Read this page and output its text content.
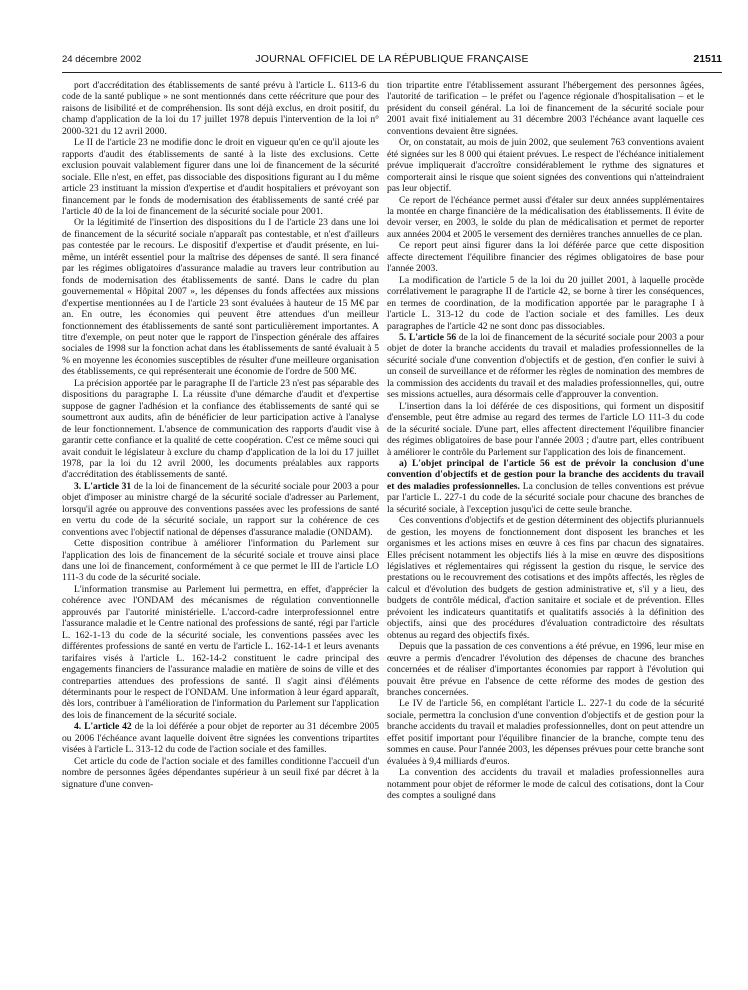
24 décembre 2002	JOURNAL OFFICIEL DE LA RÉPUBLIQUE FRANÇAISE	21511

port d'accréditation des établissements de santé prévu à l'article L. 6113-6 du code de la santé publique » ne sont mentionnés dans cette réécriture que pour des raisons de lisibilité et de compréhension. Ils sont déjà exclus, en droit positif, du champ d'application de la loi du 17 juillet 1978 depuis l'intervention de la loi n° 2000-321 du 12 avril 2000.

Le II de l'article 23 ne modifie donc le droit en vigueur qu'en ce qu'il ajoute les rapports d'audit des établissements de santé à la liste des exclusions. Cette exclusion pouvait valablement figurer dans une loi de financement de la sécurité sociale. Elle n'est, en effet, pas dissociable des dispositions figurant au I du même article 23 instituant la mission d'expertise et d'audit hospitaliers et prévoyant son financement par le fonds de modernisation des établissements de santé créé par l'article 40 de la loi de financement de la sécurité sociale pour 2001.

Or la légitimité de l'insertion des dispositions du I de l'article 23 dans une loi de financement de la sécurité sociale n'apparaît pas contestable, et n'est d'ailleurs pas contestée par le recours. Le dispositif d'expertise et d'audit présente, en lui-même, un intérêt essentiel pour la maîtrise des dépenses de santé. Il sera financé par les régimes obligatoires d'assurance maladie au travers leur contribution au fonds de modernisation des établissements de santé. Dans le cadre du plan gouvernemental « Hôpital 2007 », les dépenses du fonds affectées aux missions d'expertise mentionnées au I de l'article 23 sont évaluées à hauteur de 15 M€ par an. En outre, les économies qui peuvent être attendues d'un meilleur fonctionnement des établissements de santé sont particulièrement importantes. A titre d'exemple, on peut noter que le rapport de l'inspection générale des affaires sociales de 1998 sur la fonction achat dans les établissements de santé évaluait à 5 % en moyenne les économies susceptibles de résulter d'une meilleure organisation des établissements, ce qui représenterait une économie de l'ordre de 500 M€.

La précision apportée par le paragraphe II de l'article 23 n'est pas séparable des dispositions du paragraphe I. La réussite d'une démarche d'audit et d'expertise suppose de gagner l'adhésion et la confiance des établissements de santé qui se soumettront aux audits, afin de bénéficier de leur participation active à l'analyse de leur fonctionnement. L'absence de communication des rapports d'audit vise à garantir cette confiance et la qualité de cette coopération. C'est ce même souci qui avait conduit le législateur à exclure du champ d'application de la loi du 17 juillet 1978, par la loi du 12 avril 2000, les documents préalables aux rapports d'accréditation des établissements de santé.

3. L'article 31 de la loi de financement de la sécurité sociale pour 2003 a pour objet d'imposer au ministre chargé de la sécurité sociale d'adresser au Parlement, lorsqu'il agrée ou approuve des conventions passées avec les professions de santé en vertu du code de la sécurité sociale, un rapport sur la cohérence de ces conventions avec l'objectif national de dépenses d'assurance maladie (ONDAM).

Cette disposition contribue à améliorer l'information du Parlement sur l'application des lois de financement de la sécurité sociale et trouve ainsi place dans une loi de financement, conformément à ce que permet le III de l'article LO 111-3 du code de la sécurité sociale.

L'information transmise au Parlement lui permettra, en effet, d'apprécier la cohérence avec l'ONDAM des mécanismes de régulation conventionnelle approuvés par l'autorité ministérielle. L'accord-cadre interprofessionnel entre l'assurance maladie et le Centre national des professions de santé, régi par l'article L. 162-1-13 du code de la sécurité sociale, les conventions passées avec les différentes professions de santé en vertu de l'article L. 162-14-1 et leurs avenants tarifaires visés à l'article L. 162-14-2 constituent le cadre principal des engagements financiers de l'assurance maladie en matière de soins de ville et des contreparties attendues des professions de santé. Il s'agit ainsi d'éléments déterminants pour le respect de l'ONDAM. Une information à leur égard apparaît, dès lors, contribuer à l'amélioration de l'information du Parlement sur l'application des lois de financement de la sécurité sociale.

4. L'article 42 de la loi déférée a pour objet de reporter au 31 décembre 2005 ou 2006 l'échéance avant laquelle doivent être signées les conventions tripartites visées à l'article L. 313-12 du code de l'action sociale et des familles.

Cet article du code de l'action sociale et des familles conditionne l'accueil d'un nombre de personnes âgées dépendantes supérieur à un seuil fixé par décret à la signature d'une conven-

tion tripartite entre l'établissement assurant l'hébergement des personnes âgées, l'autorité de tarification – le préfet ou l'agence régionale d'hospitalisation – et le président du conseil général. La loi de financement de la sécurité sociale pour 2001 avait fixé initialement au 31 décembre 2003 l'échéance avant laquelle ces conventions devaient être signées.

Or, on constatait, au mois de juin 2002, que seulement 763 conventions avaient été signées sur les 8 000 qui étaient prévues. Le respect de l'échéance initialement prévue impliquerait d'accroître considérablement le rythme des signatures et comporterait ainsi le risque que soient signées des conventions qui n'atteindraient pas leur objectif.

Ce report de l'échéance permet aussi d'étaler sur deux années supplémentaires la montée en charge financière de la médicalisation des établissements. Il évite de devoir verser, en 2003, le solde du plan de médicalisation et permet de reporter aux années 2004 et 2005 le versement des dernières tranches annuelles de ce plan.

Ce report peut ainsi figurer dans la loi déférée parce que cette disposition affecte directement l'équilibre financier des régimes obligatoires de base pour l'année 2003.

La modification de l'article 5 de la loi du 20 juillet 2001, à laquelle procède corrélativement le paragraphe II de l'article 42, se borne à tirer les conséquences, en termes de coordination, de la modification apportée par le paragraphe I à l'article L. 313-12 du code de l'action sociale et des familles. Les deux paragraphes de l'article 42 ne sont donc pas dissociables.

5. L'article 56 de la loi de financement de la sécurité sociale pour 2003 a pour objet de doter la branche accidents du travail et maladies professionnelles de la sécurité sociale d'une convention d'objectifs et de gestion, d'en confier le suivi à un conseil de surveillance et de réformer les règles de nomination des membres de la commission des accidents du travail et des maladies professionnelles, qui, outre ses missions actuelles, aura désormais celle d'approuver la convention.

L'insertion dans la loi déférée de ces dispositions, qui forment un dispositif d'ensemble, peut être admise au regard des termes de l'article LO 111-3 du code de la sécurité sociale. D'une part, elles affectent directement l'équilibre financier des régimes obligatoires de base pour l'année 2003 ; d'autre part, elles contribuent à améliorer le contrôle du Parlement sur l'application des lois de financement.

a) L'objet principal de l'article 56 est de prévoir la conclusion d'une convention d'objectifs et de gestion pour la branche des accidents du travail et des maladies professionnelles. La conclusion de telles conventions est prévue par l'article L. 227-1 du code de la sécurité sociale pour chacune des branches de la sécurité sociale, à l'exception jusqu'ici de cette seule branche.

Ces conventions d'objectifs et de gestion déterminent des objectifs pluriannuels de gestion, les moyens de fonctionnement dont disposent les branches et les organismes et les actions mises en œuvre à ces fins par chacun des signataires. Elles précisent notamment les objectifs liés à la mise en œuvre des dispositions législatives et réglementaires qui régissent la gestion du risque, le service des prestations ou le recouvrement des cotisations et des impôts affectés, les règles de calcul et d'évolution des budgets de gestion administrative et, s'il y a lieu, des budgets de contrôle médical, d'action sanitaire et sociale et de prévention. Elles prévoient les indicateurs quantitatifs et qualitatifs associés à la définition des objectifs, ainsi que des procédures d'évaluation contradictoire des résultats obtenus au regard des objectifs fixés.

Depuis que la passation de ces conventions a été prévue, en 1996, leur mise en œuvre a permis d'encadrer l'évolution des dépenses de chacune des branches concernées et de réaliser d'importantes économies par rapport à l'évolution qui pouvait être prévue en l'absence de cette réforme des modes de gestion des branches concernées.

Le IV de l'article 56, en complétant l'article L. 227-1 du code de la sécurité sociale, permettra la conclusion d'une convention d'objectifs et de gestion pour la branche accidents du travail et maladies professionnelles, dont on peut attendre un effet positif important pour l'équilibre financier de la branche, compte tenu des sommes en cause. Pour l'année 2003, les dépenses prévues pour cette branche sont évaluées à 9,4 milliards d'euros.

La convention des accidents du travail et maladies professionnelles aura notamment pour objet de réformer le mode de calcul des cotisations, dont la Cour des comptes a souligné dans
